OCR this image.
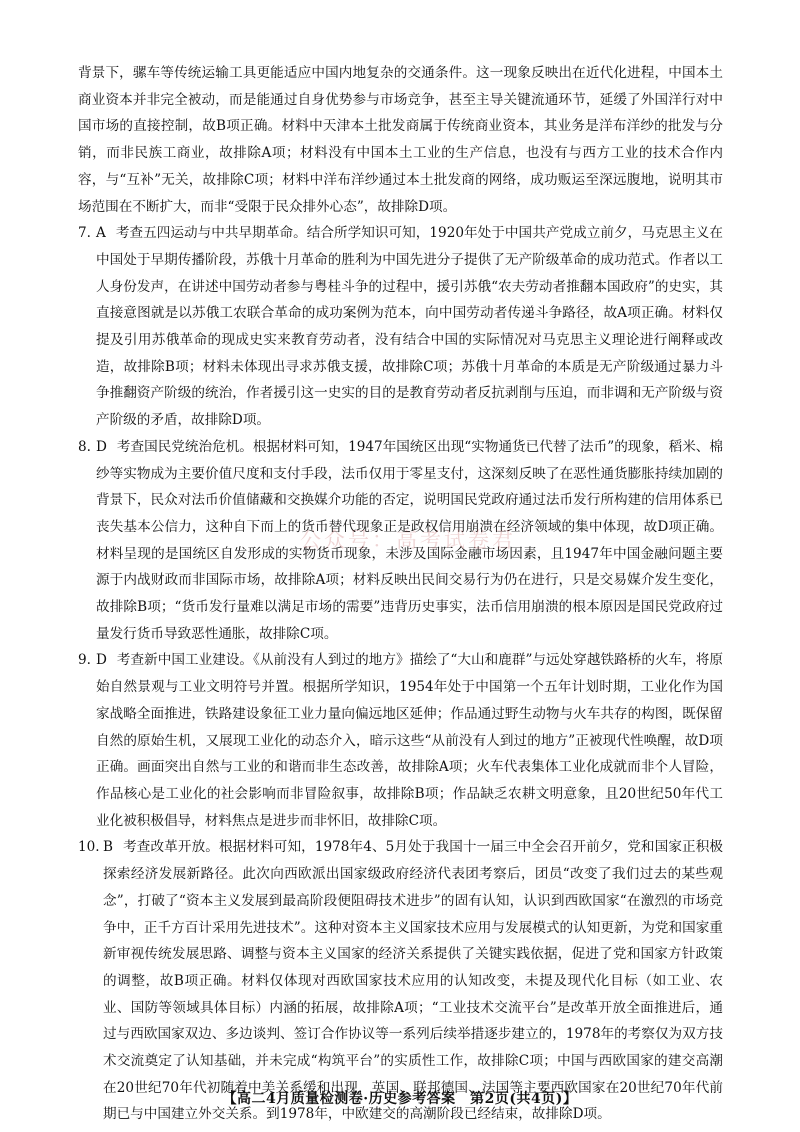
背景下，骡车等传统运输工具更能适应中国内地复杂的交通条件。这一现象反映出在近代化进程，中国本土商业资本并非完全被动，而是能通过自身优势参与市场竞争，甚至主导关键流通环节，延缓了外国洋行对中国市场的直接控制，故B项正确。材料中天津本土批发商属于传统商业资本，其业务是洋布洋纱的批发与分销，而非民族工商业，故排除A项；材料没有中国本土工业的生产信息，也没有与西方工业的技术合作内容，与“互补”无关，故排除C项；材料中洋布洋纱通过本土批发商的网络，成功贩运至深远腹地，说明其市场范围在不断扩大，而非“受限于民众排外心态”，故排除D项。
7. A 考查五四运动与中共早期革命。结合所学知识可知，1920年处于中国共产党成立前夕，马克思主义在中国处于早期传播阶段，苏俄十月革命的胜利为中国先进分子提供了无产阶级革命的成功范式。作者以工人身份发声，在讲述中国劳动者参与粤桂斗争的过程中，援引苏俄“农夫劳动者推翻本国政府”的史实，其直接意图就是以苏俄工农联合革命的成功案例为范本，向中国劳动者传递斗争路径，故A项正确。材料仅提及引用苏俄革命的现成史实来教育劳动者，没有结合中国的实际情况对马克思主义理论进行阐释或改造，故排除B项；材料未体现出寻求苏俄支援，故排除C项；苏俄十月革命的本质是无产阶级通过暴力斗争推翻资产阶级的统治，作者援引这一史实的目的是教育劳动者反抗剥削与压迫，而非调和无产阶级与资产阶级的矛盾，故排除D项。
8. D 考查国民党统治危机。根据材料可知，1947年国统区出现“实物通货已代替了法币”的现象，稻米、棉纱等实物成为主要价值尺度和支付手段，法币仅用于零星支付，这深刻反映了在恶性通货膨胀持续加剧的背景下，民众对法币价值储藏和交换媒介功能的否定，说明国民党政府通过法币发行所构建的信用体系已丧失基本公信力，这种自下而上的货币替代现象正是政权信用崩溃在经济领域的集中体现，故D项正确。材料呈现的是国统区自发形成的实物货币现象，未涉及国际金融市场因素，且1947年中国金融问题主要源于内战财政而非国际市场，故排除A项；材料反映出民间交易行为仍在进行，只是交易媒介发生变化，故排除B项；“货币发行量难以满足市场的需要”违背历史事实，法币信用崩溃的根本原因是国民党政府过量发行货币导致恶性通胀，故排除C项。
9. D 考查新中国工业建设。《从前没有人到过的地方》描绘了“大山和鹿群”与远处穿越铁路桥的火车，将原始自然景观与工业文明符号并置。根据所学知识，1954年处于中国第一个五年计划时期，工业化作为国家战略全面推进，铁路建设象征工业力量向偏远地区延伸；作品通过野生动物与火车共存的构图，既保留自然的原始生机，又展现工业化的动态介入，暗示这些“从前没有人到过的地方”正被现代性唤醒，故D项正确。画面突出自然与工业的和谐而非生态改善，故排除A项；火车代表集体工业化成就而非个人冒险，作品核心是工业化的社会影响而非冒险叙事，故排除B项；作品缺乏农耕文明意象，且20世纪50年代工业化被积极倡导，材料焦点是进步而非怀旧，故排除C项。
10. B 考查改革开放。根据材料可知，1978年4、5月处于我国十一届三中全会召开前夕，党和国家正积极探索经济发展新路径。此次向西欧派出国家级政府经济代表团考察后，团员“改变了我们过去的某些观念”，打破了“资本主义发展到最高阶段便阻碍技术进步”的固有认知，认识到西欧国家“在激烈的市场竞争中，正千方百计采用先进技术”。这种对资本主义国家技术应用与发展模式的认知更新，为党和国家重新审视传统发展思路、调整与资本主义国家的经济关系提供了关键实践依据，促进了党和国家方针政策的调整，故B项正确。材料仅体现对西欧国家技术应用的认知改变，未提及现代化目标（如工业、农业、国防等领域具体目标）内涵的拓展，故排除A项；“工业技术交流平台”是改革开放全面推进后，通过与西欧国家双边、多边谈判、签订合作协议等一系列后续举措逐步建立的，1978年的考察仅为双方技术交流奠定了认知基础，并未完成“构筑平台”的实质性工作，故排除C项；中国与西欧国家的建交高潮在20世纪70年代初随着中美关系缓和出现，英国、联邦德国、法国等主要西欧国家在20世纪70年代前期已与中国建立外交关系。到1978年，中欧建交的高潮阶段已经结束，故排除D项。
公众号：高考试卷君
【高二4月质量检测卷·历史参考答案　第2页(共4页)】
